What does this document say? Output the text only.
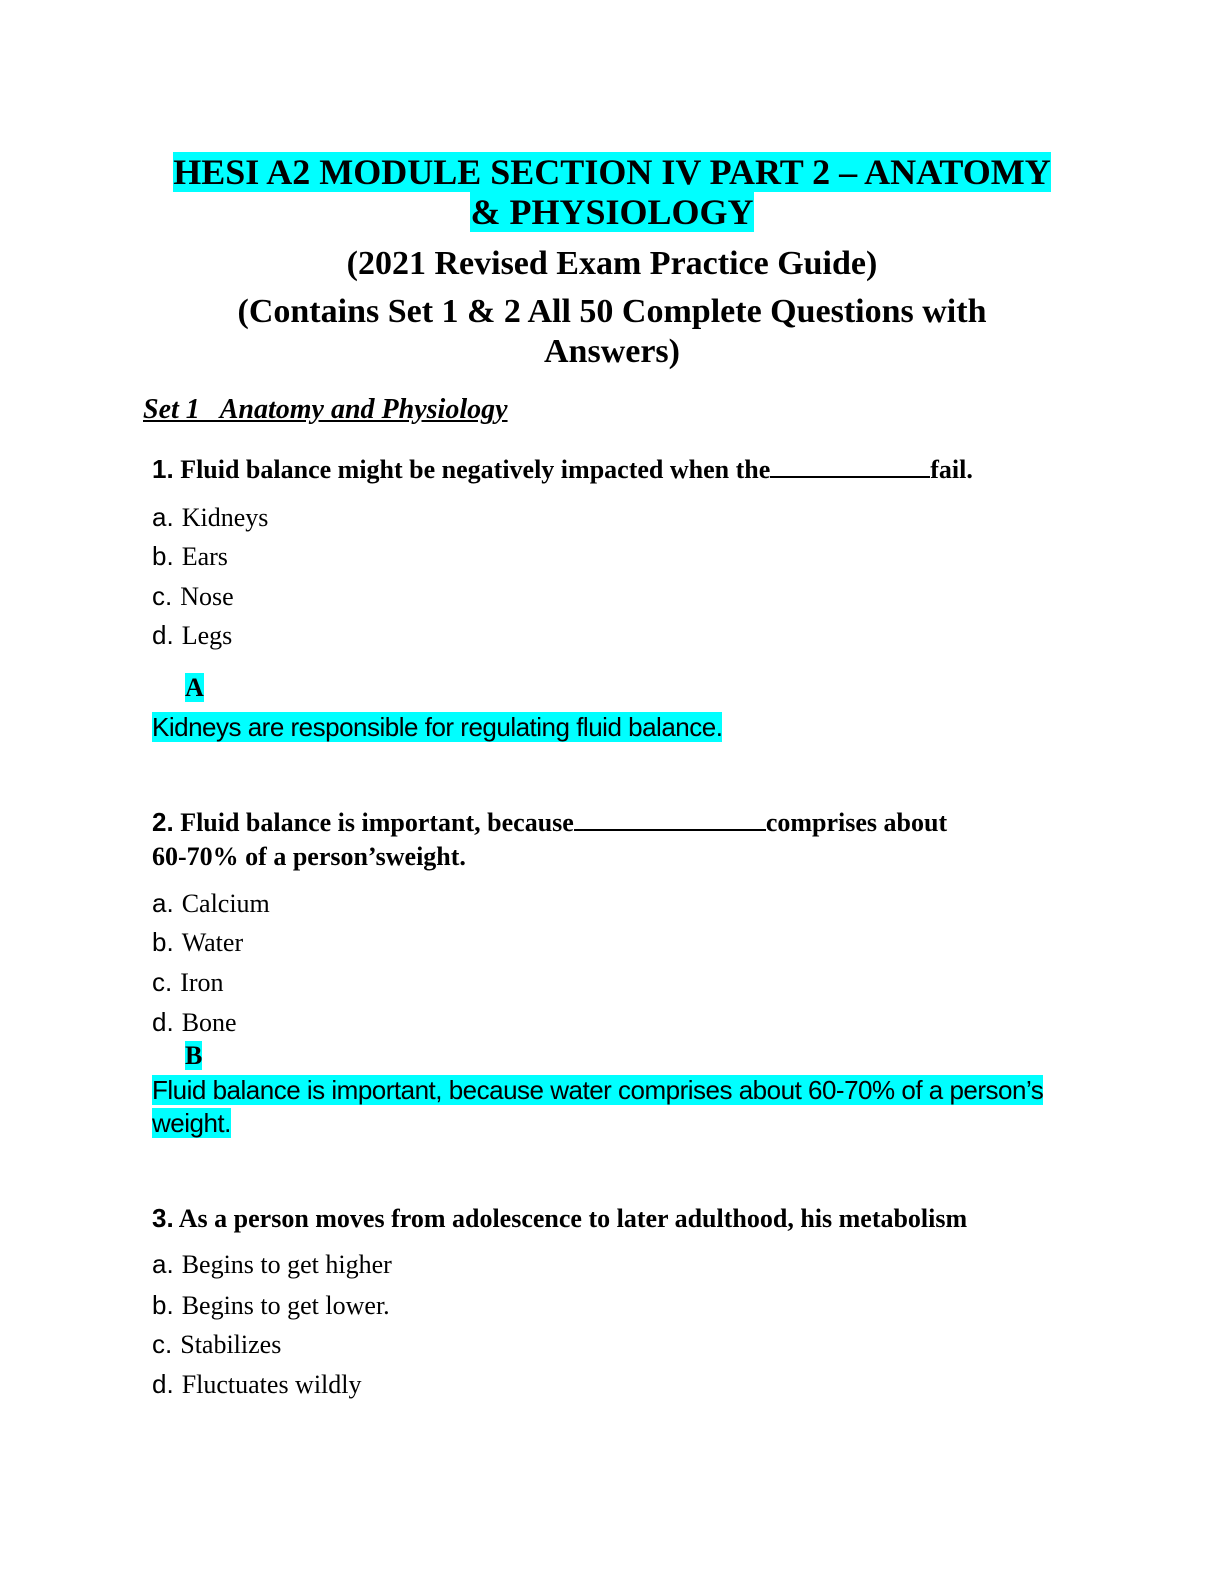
HESI A2 MODULE SECTION IV PART 2 – ANATOMY
& PHYSIOLOGY
(2021 Revised Exam Practice Guide)
(Contains Set 1 & 2 All 50 Complete Questions with
Answers)
Set 1   Anatomy and Physiology
1. Fluid balance might be negatively impacted when the	fail.
a. Kidneys
b. Ears
c. Nose
d. Legs
A
Kidneys are responsible for regulating fluid balance.
2. Fluid balance is important, because	comprises about
60-70% of a person’sweight.
a. Calcium
b. Water
c. Iron
d. Bone
B
Fluid balance is important, because water comprises about 60-70% of a person’s
weight.
3. As a person moves from adolescence to later adulthood, his metabolism
a. Begins to get higher
b. Begins to get lower.
c. Stabilizes
d. Fluctuates wildly
